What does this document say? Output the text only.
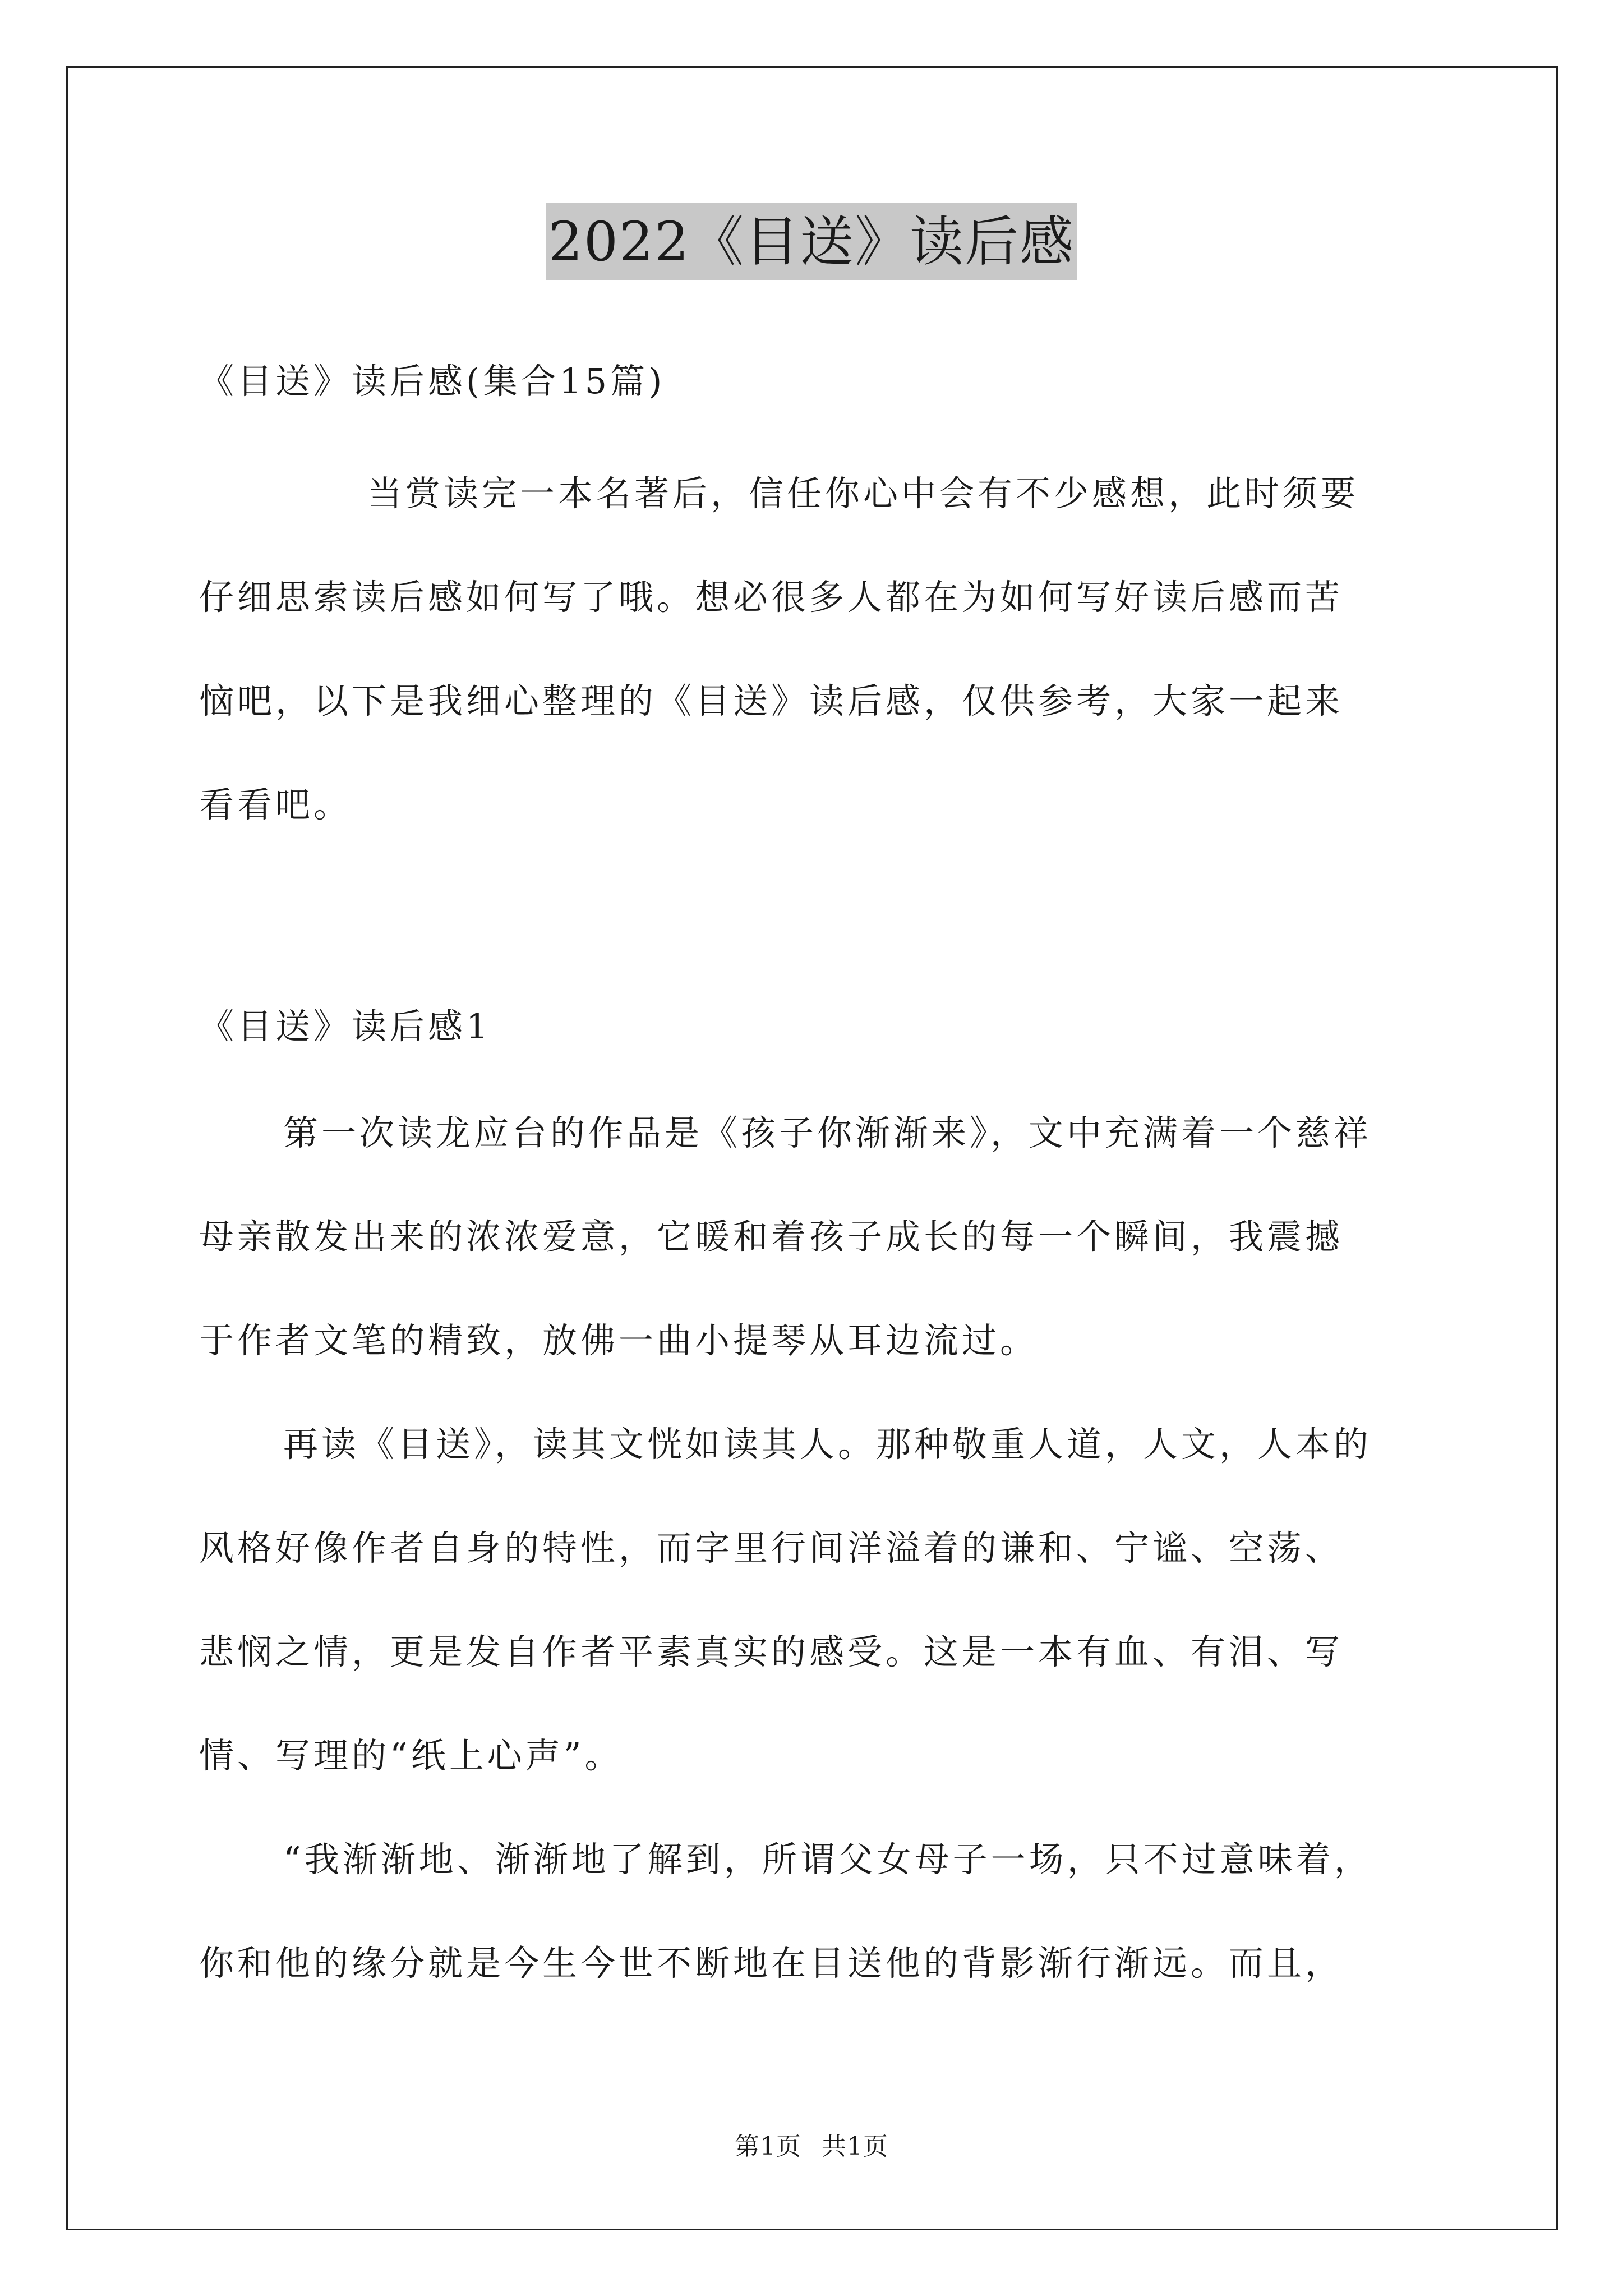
2022《目送》读后感
《目送》读后感(集合15篇)
当赏读完一本名著后，信任你心中会有不少感想，此时须要
仔细思索读后感如何写了哦。想必很多人都在为如何写好读后感而苦
恼吧，以下是我细心整理的《目送》读后感，仅供参考，大家一起来
看看吧。
《目送》读后感1
第一次读龙应台的作品是《孩子你渐渐来》，文中充满着一个慈祥
母亲散发出来的浓浓爱意，它暖和着孩子成长的每一个瞬间，我震撼
于作者文笔的精致，放佛一曲小提琴从耳边流过。
再读《目送》，读其文恍如读其人。那种敬重人道，人文，人本的
风格好像作者自身的特性，而字里行间洋溢着的谦和、宁谧、空荡、
悲悯之情，更是发自作者平素真实的感受。这是一本有血、有泪、写
情、写理的“纸上心声”。
“我渐渐地、渐渐地了解到，所谓父女母子一场，只不过意味着，
你和他的缘分就是今生今世不断地在目送他的背影渐行渐远。而且，
第1页 共1页
